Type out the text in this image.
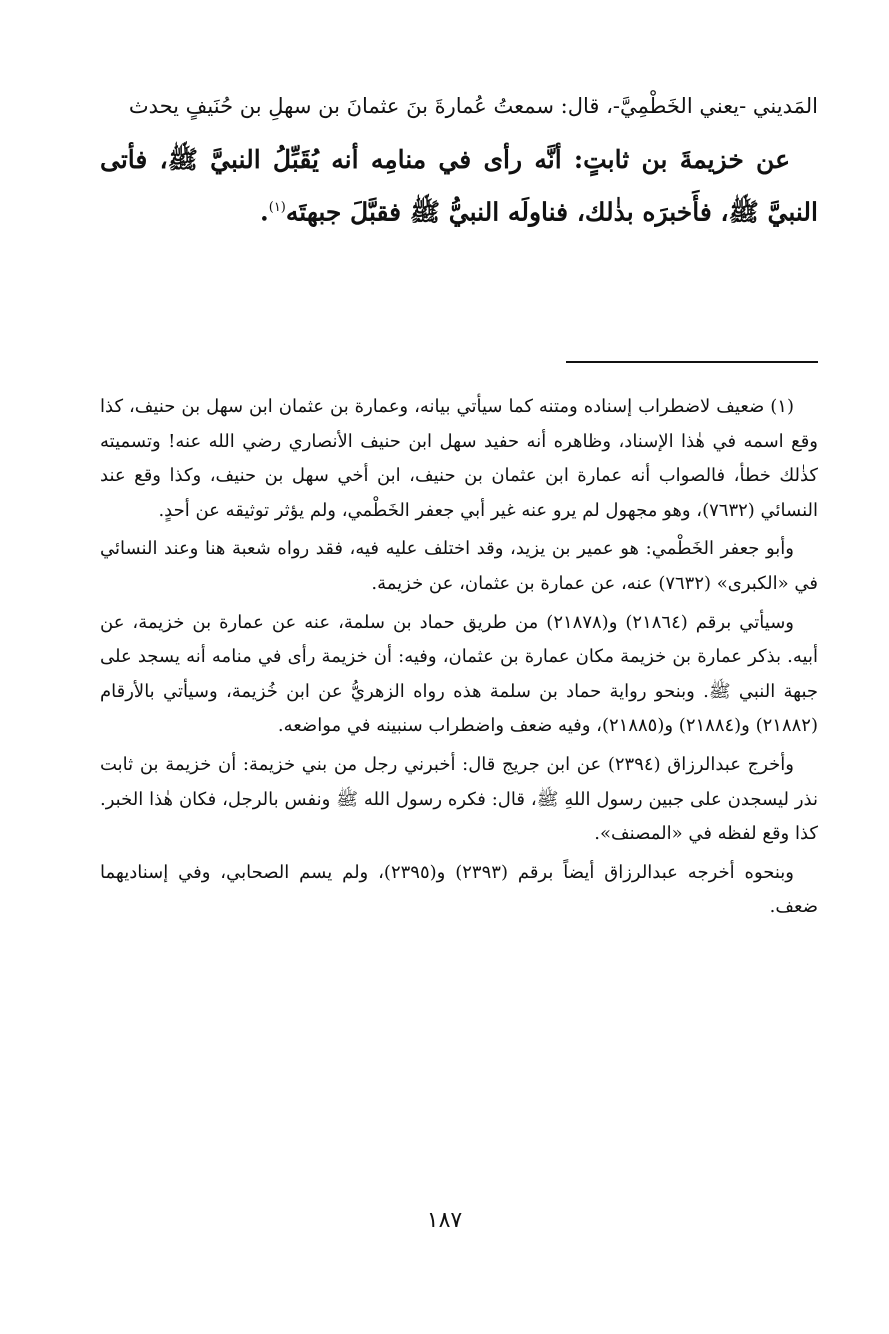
المَديني -يعني الخَطْمِيَّ-، قال: سمعتُ عُمارةَ بنَ عثمانَ بن سهلِ بن حُنَيفٍ يحدث

عن خزيمةَ بن ثابتٍ: أنَّه رأى في منامِه أنه يُقَبِّلُ النبيَّ ﷺ، فأتى النبيَّ ﷺ، فأَخبرَه بذٰلك، فناولَه النبيُّ ﷺ فقبَّلَ جبهتَه$^{(١)}$.

(١) ضعيف لاضطراب إسناده ومتنه كما سيأتي بيانه، وعمارة بن عثمان ابن سهل بن حنيف، كذا وقع اسمه في هٰذا الإسناد، وظاهره أنه حفيد سهل ابن حنيف الأنصاري رضي الله عنه! وتسميته كذٰلك خطأ، فالصواب أنه عمارة ابن عثمان بن حنيف، ابن أخي سهل بن حنيف، وكذا وقع عند النسائي (٧٦٣٢)، وهو مجهول لم يرو عنه غير أبي جعفر الخَطْمي، ولم يؤثر توثيقه عن أحدٍ.

وأبو جعفر الخَطْمي: هو عمير بن يزيد، وقد اختلف عليه فيه، فقد رواه شعبة هنا وعند النسائي في «الكبرى» (٧٦٣٢) عنه، عن عمارة بن عثمان، عن خزيمة.

وسيأتي برقم (٢١٨٦٤) و(٢١٨٧٨) من طريق حماد بن سلمة، عنه عن عمارة بن خزيمة، عن أبيه. بذكر عمارة بن خزيمة مكان عمارة بن عثمان، وفيه: أن خزيمة رأى في منامه أنه يسجد على جبهة النبي ﷺ. وبنحو رواية حماد بن سلمة هذه رواه الزهريُّ عن ابن خُزيمة، وسيأتي بالأرقام (٢١٨٨٢) و(٢١٨٨٤) و(٢١٨٨٥)، وفيه ضعف واضطراب سنبينه في مواضعه.

وأخرج عبدالرزاق (٢٣٩٤) عن ابن جريج قال: أخبرني رجل من بني خزيمة: أن خزيمة بن ثابت نذر ليسجدن على جبين رسول اللهِ ﷺ، قال: فكره رسول الله ﷺ ونفس بالرجل، فكان هٰذا الخبر. كذا وقع لفظه في «المصنف».

وبنحوه أخرجه عبدالرزاق أيضاً برقم (٢٣٩٣) و(٢٣٩٥)، ولم يسم الصحابي، وفي إسناديهما ضعف.

١٨٧
